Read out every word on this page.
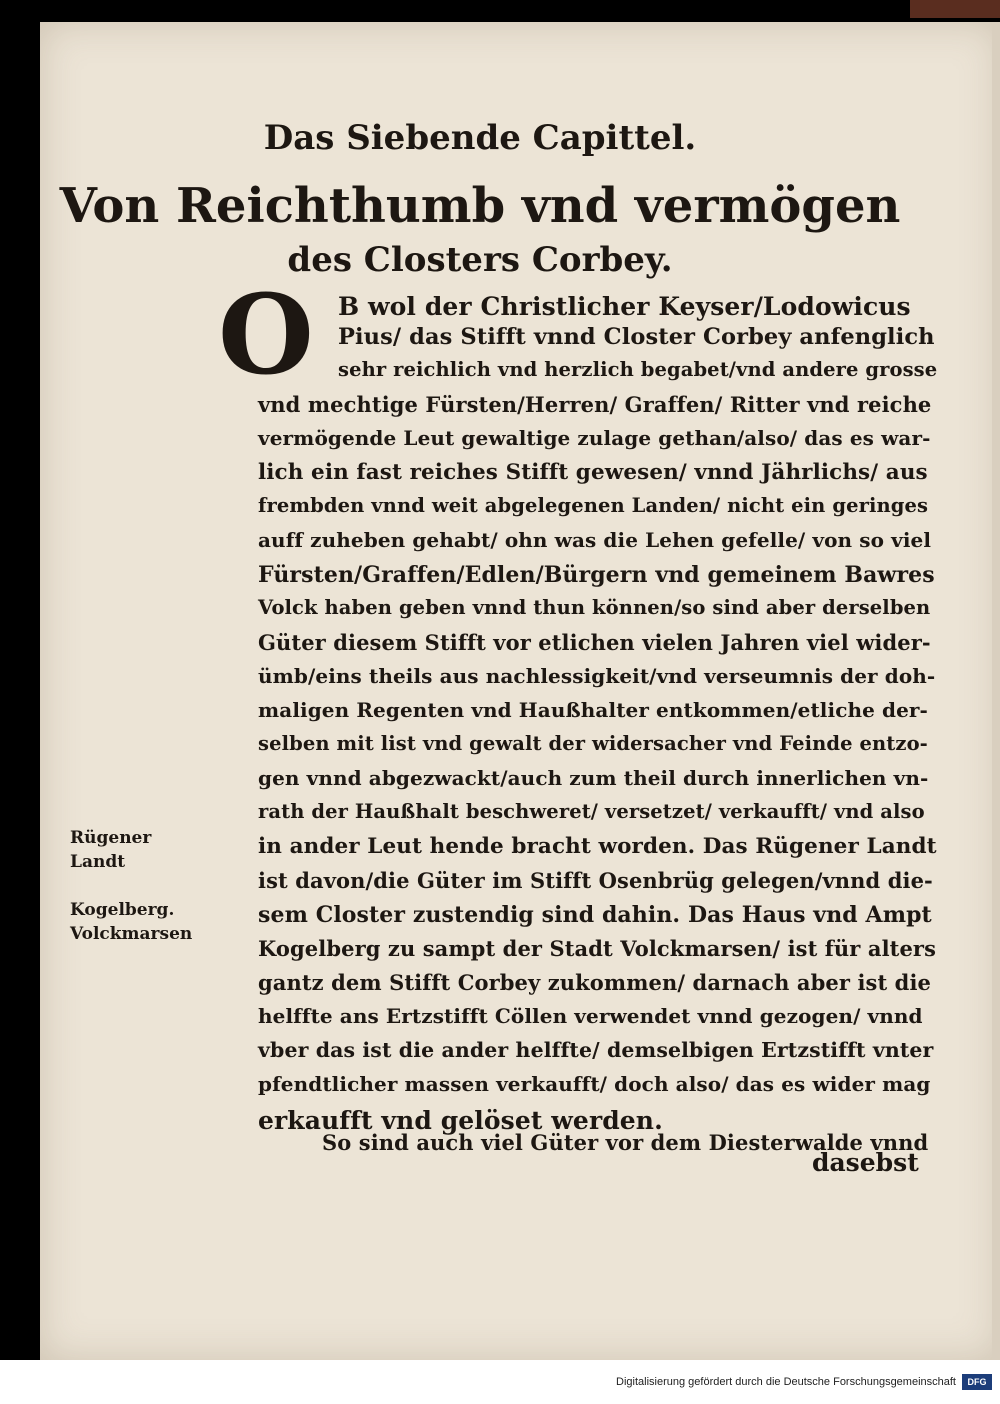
Das Siebende Capittel.
Von Reichthumb vnd vermögen
des Closters Corbey.
O B wol der Christlicher Keyser/Lodowicus
Pius/ das Stifft vnnd Closter Corbey anfenglich
sehr reichlich vnd herzlich begabet/vnd andere grosse
vnd mechtige Fürsten/Herren/ Graffen/ Ritter vnd reiche
vermögende Leut gewaltige zulage gethan/also/ das es war-
lich ein fast reiches Stifft gewesen/ vnnd Jährlichs/ aus
frembden vnnd weit abgelegenen Landen/ nicht ein geringes
auff zuheben gehabt/ ohn was die Lehen gefelle/ von so viel
Fürsten/Graffen/Edlen/Bürgern vnd gemeinem Bawres
Volck haben geben vnnd thun können/so sind aber derselben
Güter diesem Stifft vor etlichen vielen Jahren viel wider-
ümb/eins theils aus nachlessigkeit/vnd verseumnis der doh-
maligen Regenten vnd Haußhalter entkommen/etliche der-
selben mit list vnd gewalt der widersacher vnd Feinde entzo-
gen vnnd abgezwackt/auch zum theil durch innerlichen vn-
rath der Haußhalt beschweret/ versetzet/ verkaufft/ vnd also
in ander Leut hende bracht worden. Das Rügener Landt
ist davon/die Güter im Stifft Osenbrüg gelegen/vnnd die-
sem Closter zustendig sind dahin. Das Haus vnd Ampt
Kogelberg zu sampt der Stadt Volckmarsen/ ist für alters
gantz dem Stifft Corbey zukommen/ darnach aber ist die
helffte ans Ertzstifft Cöllen verwendet vnnd gezogen/ vnnd
vber das ist die ander helffte/ demselbigen Ertzstifft vnter
pfendtlicher massen verkaufft/ doch also/ das es wider mag
erkaufft vnd gelöset werden.
So sind auch viel Güter vor dem Diesterwalde vnnd
Rügener
Landt
Kogelberg.
Volckmarsen
dasebst
Digitalisierung gefördert durch die Deutsche Forschungsgemeinschaft	DFG
